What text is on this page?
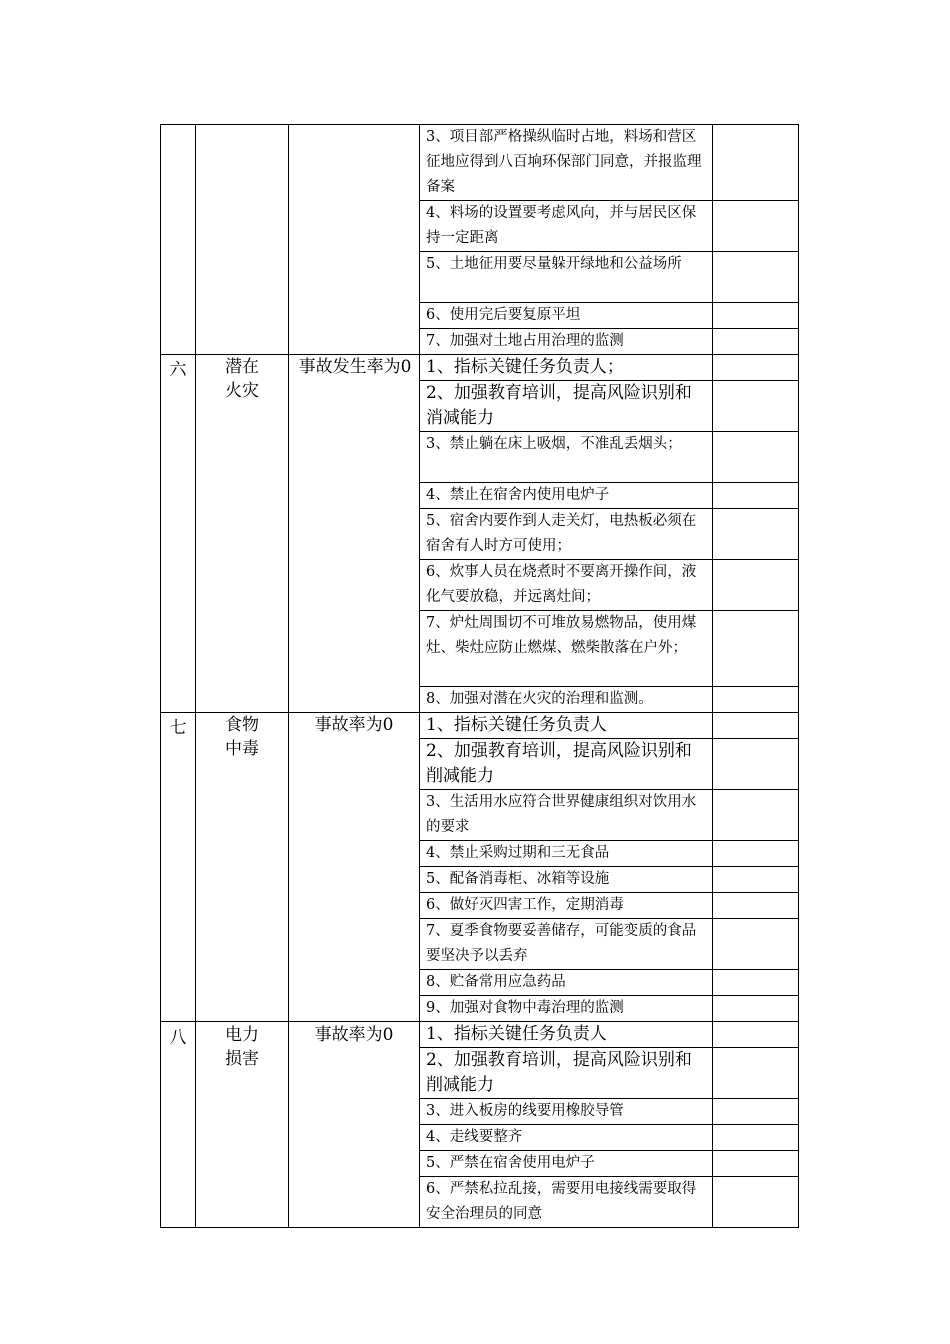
			3、项目部严格操纵临时占地，料场和营区征地应得到八百垧环保部门同意，并报监理备案	
			4、料场的设置要考虑风向，并与居民区保持一定距离	
			5、土地征用要尽量躲开绿地和公益场所	
			6、使用完后要复原平坦	
			7、加强对土地占用治理的监测	
六	潜在火灾	事故发生率为0	1、指标关键任务负责人；	
			2、加强教育培训，提高风险识别和消减能力	
			3、禁止躺在床上吸烟，不准乱丢烟头；	
			4、禁止在宿舍内使用电炉子	
			5、宿舍内要作到人走关灯，电热板必须在宿舍有人时方可使用；	
			6、炊事人员在烧煮时不要离开操作间，液化气要放稳，并远离灶间；	
			7、炉灶周围切不可堆放易燃物品，使用煤灶、柴灶应防止燃煤、燃柴散落在户外；	
			8、加强对潜在火灾的治理和监测。	
七	食物中毒	事故率为0	1、指标关键任务负责人	
			2、加强教育培训，提高风险识别和削减能力	
			3、生活用水应符合世界健康组织对饮用水的要求	
			4、禁止采购过期和三无食品	
			5、配备消毒柜、冰箱等设施	
			6、做好灭四害工作，定期消毒	
			7、夏季食物要妥善储存，可能变质的食品要坚决予以丢弃	
			8、贮备常用应急药品	
			9、加强对食物中毒治理的监测	
八	电力损害	事故率为0	1、指标关键任务负责人	
			2、加强教育培训，提高风险识别和削减能力	
			3、进入板房的线要用橡胶导管	
			4、走线要整齐	
			5、严禁在宿舍使用电炉子	
			6、严禁私拉乱接，需要用电接线需要取得安全治理员的同意	
